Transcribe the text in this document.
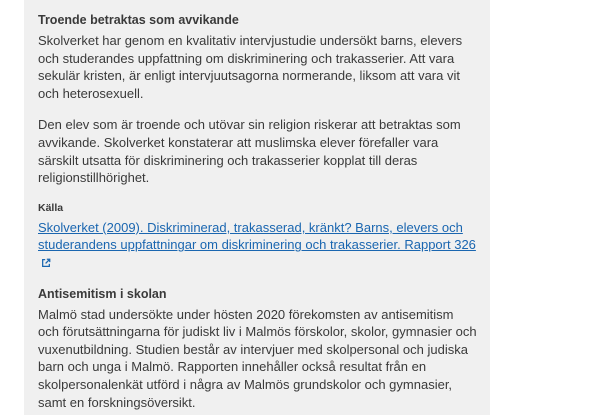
Troende betraktas som avvikande

Skolverket har genom en kvalitativ intervjustudie undersökt barns, elevers och studerandes uppfattning om diskriminering och trakasserier. Att vara sekulär kristen, är enligt intervjuutsagorna normerande, liksom att vara vit och heterosexuell.

Den elev som är troende och utövar sin religion riskerar att betraktas som avvikande. Skolverket konstaterar att muslimska elever förefaller vara särskilt utsatta för diskriminering och trakasserier kopplat till deras religionstillhörighet.

Källa
Skolverket (2009). Diskriminerad, trakasserad, kränkt? Barns, elevers och studerandens uppfattningar om diskriminering och trakasserier. Rapport 326
Antisemitism i skolan

Malmö stad undersökte under hösten 2020 förekomsten av antisemitism och förutsättningarna för judiskt liv i Malmös förskolor, skolor, gymnasier och vuxenutbildning. Studien består av intervjuer med skolpersonal och judiska barn och unga i Malmö. Rapporten innehåller också resultat från en skolpersonalenkät utförd i några av Malmös grundskolor och gymnasier, samt en forskningsöversikt.
